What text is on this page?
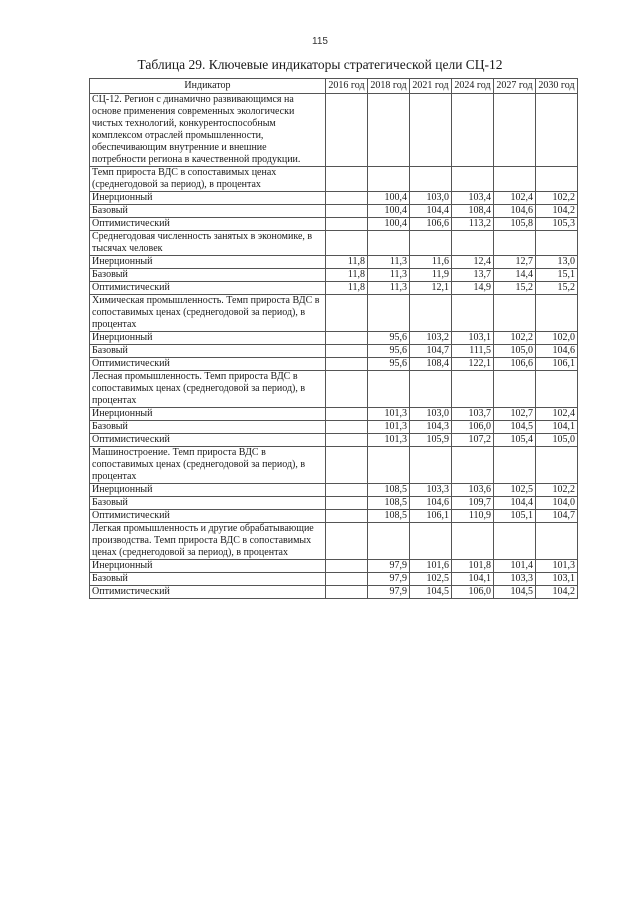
115
Таблица 29. Ключевые индикаторы стратегической цели СЦ-12
Индикатор	2016 год	2018 год	2021 год	2024 год	2027 год	2030 год
СЦ-12. Регион с динамично развивающимся на основе применения современных экологически чистых технологий, конкурентоспособным комплексом отраслей промышленности, обеспечивающим внутренние и внешние потребности региона в качественной продукции.						
Темп прироста ВДС в сопоставимых ценах (среднегодовой за период), в процентах						
Инерционный		100,4	103,0	103,4	102,4	102,2
Базовый		100,4	104,4	108,4	104,6	104,2
Оптимистический		100,4	106,6	113,2	105,8	105,3
Среднегодовая численность занятых в экономике, в тысячах человек						
Инерционный	11,8	11,3	11,6	12,4	12,7	13,0
Базовый	11,8	11,3	11,9	13,7	14,4	15,1
Оптимистический	11,8	11,3	12,1	14,9	15,2	15,2
Химическая промышленность. Темп прироста ВДС в сопоставимых ценах (среднегодовой за период), в процентах						
Инерционный		95,6	103,2	103,1	102,2	102,0
Базовый		95,6	104,7	111,5	105,0	104,6
Оптимистический		95,6	108,4	122,1	106,6	106,1
Лесная промышленность. Темп прироста ВДС в сопоставимых ценах (среднегодовой за период), в процентах						
Инерционный		101,3	103,0	103,7	102,7	102,4
Базовый		101,3	104,3	106,0	104,5	104,1
Оптимистический		101,3	105,9	107,2	105,4	105,0
Машиностроение. Темп прироста ВДС в сопоставимых ценах (среднегодовой за период), в процентах						
Инерционный		108,5	103,3	103,6	102,5	102,2
Базовый		108,5	104,6	109,7	104,4	104,0
Оптимистический		108,5	106,1	110,9	105,1	104,7
Легкая промышленность и другие обрабатывающие производства. Темп прироста ВДС в сопоставимых ценах (среднегодовой за период), в процентах						
Инерционный		97,9	101,6	101,8	101,4	101,3
Базовый		97,9	102,5	104,1	103,3	103,1
Оптимистический		97,9	104,5	106,0	104,5	104,2
